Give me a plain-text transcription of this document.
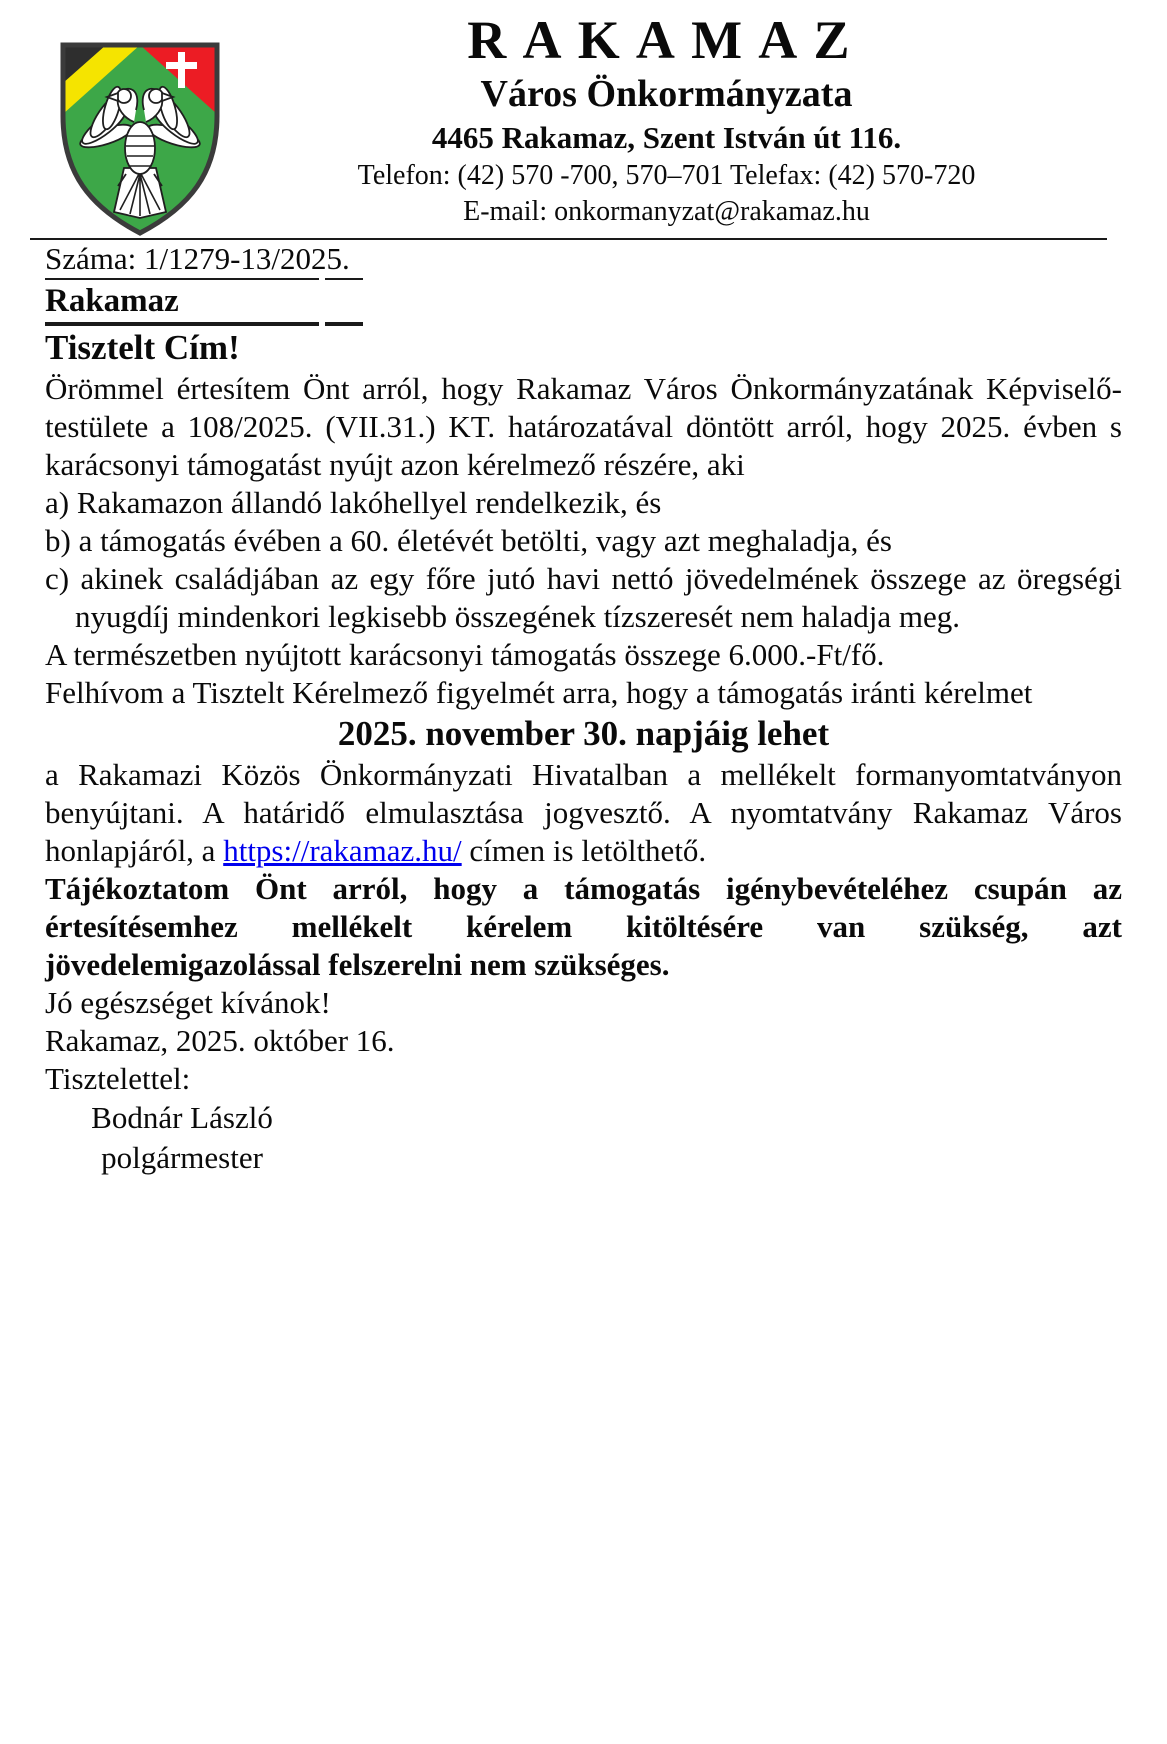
RAKAMAZ
Város Önkormányzata
4465 Rakamaz, Szent István út 116.
Telefon: (42) 570 -700, 570–701 Telefax: (42) 570-720
E-mail: onkormanyzat@rakamaz.hu
Száma: 1/1279-13/2025.
Rakamaz
Tisztelt Cím!

Örömmel értesítem Önt arról, hogy Rakamaz Város Önkormányzatának Képviselő-testülete a 108/2025. (VII.31.) KT. határozatával döntött arról, hogy 2025. évben s karácsonyi támogatást nyújt azon kérelmező részére, aki

a) Rakamazon állandó lakóhellyel rendelkezik, és
b) a támogatás évében a 60. életévét betölti, vagy azt meghaladja, és
c) akinek családjában az egy főre jutó havi nettó jövedelmének összege az öregségi nyugdíj mindenkori legkisebb összegének tízszeresét nem haladja meg.

A természetben nyújtott karácsonyi támogatás összege 6.000.-Ft/fő.

Felhívom a Tisztelt Kérelmező figyelmét arra, hogy a támogatás iránti kérelmet

2025. november 30. napjáig lehet

a Rakamazi Közös Önkormányzati Hivatalban a mellékelt formanyomtatványon benyújtani. A határidő elmulasztása jogvesztő. A nyomtatvány Rakamaz Város honlapjáról, a https://rakamaz.hu/ címen is letölthető.

Tájékoztatom Önt arról, hogy a támogatás igénybevételéhez csupán az értesítésemhez mellékelt kérelem kitöltésére van szükség, azt jövedelemigazolással felszerelni nem szükséges.

Jó egészséget kívánok!

Rakamaz, 2025. október 16.

Tisztelettel:
Bodnár László
polgármester
